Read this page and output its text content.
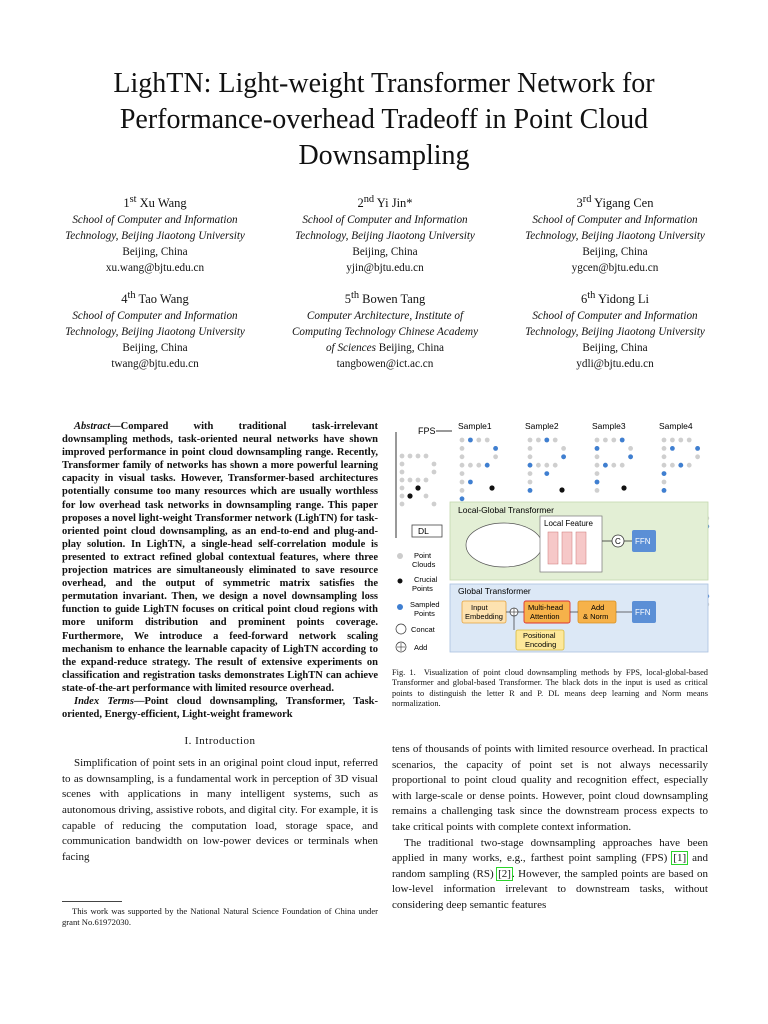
LighTN: Light-weight Transformer Network for Performance-overhead Tradeoff in Point Cloud Downsampling
1st Xu Wang
School of Computer and Information
Technology, Beijing Jiaotong University
Beijing, China
xu.wang@bjtu.edu.cn
2nd Yi Jin*
School of Computer and Information
Technology, Beijing Jiaotong University
Beijing, China
yjin@bjtu.edu.cn
3rd Yigang Cen
School of Computer and Information
Technology, Beijing Jiaotong University
Beijing, China
ygcen@bjtu.edu.cn
4th Tao Wang
School of Computer and Information
Technology, Beijing Jiaotong University
Beijing, China
twang@bjtu.edu.cn
5th Bowen Tang
Computer Architecture, Institute of
Computing Technology Chinese Academy
of Sciences Beijing, China
tangbowen@ict.ac.cn
6th Yidong Li
School of Computer and Information
Technology, Beijing Jiaotong University
Beijing, China
ydli@bjtu.edu.cn

Abstract—Compared with traditional task-irrelevant downsampling methods, task-oriented neural networks have shown improved performance in point cloud downsampling range. Recently, Transformer family of networks has shown a more powerful learning capacity in visual tasks. However, Transformer-based architectures potentially consume too many resources which are usually worthless for low overhead task networks in downsampling range. This paper proposes a novel light-weight Transformer network (LighTN) for task-oriented point cloud downsampling, as an end-to-end and plug-and-play solution. In LighTN, a single-head self-correlation module is presented to extract refined global contextual features, where three projection matrices are simultaneously eliminated to save resource overhead, and the output of symmetric matrix satisfies the permutation invariant. Then, we design a novel downsampling loss function to guide LighTN focuses on critical point cloud regions with more uniform distribution and prominent points coverage. Furthermore, We introduce a feed-forward network scaling mechanism to enhance the learnable capacity of LighTN according to the expand-reduce strategy. The result of extensive experiments on classification and registration tasks demonstrates LighTN can achieve state-of-the-art performance with limited resource overhead.

Index Terms—Point cloud downsampling, Transformer, Task-oriented, Energy-efficient, Light-weight framework

I. Introduction

Simplification of point sets in an original point cloud input, referred to as downsampling, is a fundamental work in perception of 3D visual scenes with applications in many intelligent systems, such as autonomous driving, assistive robots, and digital city. For example, it is capable of reducing the computation load, storage space, and communication bandwidth on low-power devices or terminals when facing

This work was supported by the National Natural Science Foundation of China under grant No.61972030.
FPS	Sample1	Sample2	Sample3	Sample4
DL
Local-Global Transformer
Local Feature
C FFN
Global Transformer
Input
Embedding
Multi-head
Attention
Add
& Norm	FFN
Positional
Encoding
Point
Clouds
Crucial
Points
Sampled
Points
Concat
Add
Fig. 1. Visualization of point cloud downsampling methods by FPS, local-global-based Transformer and global-based Transformer. The black dots in the input is used as critical points to distinguish the letter R and P. DL means deep learning and Norm means normalization.

tens of thousands of points with limited resource overhead. In practical scenarios, the capacity of point set is not always necessarily proportional to point cloud quality and recognition effect, especially with large-scale or dense points. However, point cloud downsampling remains a challenging task since the downstream process expects to take critical points with complete context information.

The traditional two-stage downsampling approaches have been applied in many works, e.g., farthest point sampling (FPS) [1] and random sampling (RS) [2]. However, the sampled points are based on low-level information irrelevant to downstream tasks, without considering deep semantic features
